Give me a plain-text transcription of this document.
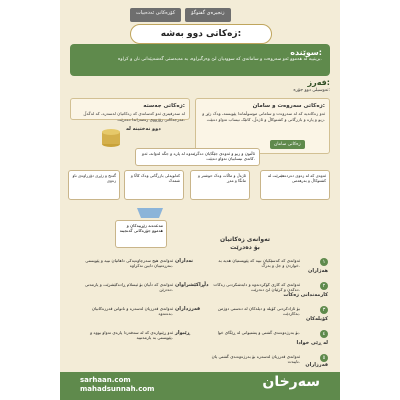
کۆرەکانی ئەدەبیات	زنجیرەی گفتوگۆ
زەکاتی دوو بەشە:
سوێندە:
بریتییە لە هەموو ئەو سەروەت و سامانەی کە سوودیان لێ وەرگیراوە، بە مەبەستی گەشەپێدانی نان و کراوە.
فەرز:
تەوسیلی دوو جۆرە:
زەکاتی جەستە:
لە سەرفیتری ئەو کەسانەی کە زەکاتیان لەسەرە، کە لەگەڵ مەرجەکانی رۆژووی رەمەزاندا دەدرێت.
زەکاتی سەروەت و سامان:
ئەو زەکاتەیە کە لە سەروەت و سامانی موسوڵماندا پێویستە، وەک زێڕ و زیو و پارە و بازرگانی و کشتوکاڵ و ئاژەڵ، کاتێک نیساب تەواو دەبێت.
زەکاتی سامان
دوو نەختینە لە
ئاڵتون و زیو و ئەوەی جێگایان دەگرێتەوە لە پارە و جگە لەوانە، ئەو کاتەی نیسابیان تەواو دەبێت.
ئەوەی کە لە زەوی دەردەهێنرێت لە کشتوکاڵ و بەرهەمی
ئاژەڵ و ماڵات وەک حوشتر و مانگا و مەڕ
کەلوپەلی بازرگانی وەک کاڵا و شمەک
گەنج و زێڕی دۆزراوەی ناو زەوی
مەعدەنە زێڕییەکان و هەموو جۆرەکانی گەنجینە
تەوانەی زەکاتیان
بۆ دەدرێت
١
هەژاران
ئەوانەی کە کەسێکیان نییە کە پێویستیان هەیە بە خواردن و جل و بەرگ.
نەداران
ئەوانەی هیچ سەرچاوەیەکی داهاتیان نییە و پێویستی بنەڕەتییان دابین نەکراوە.
٢
کارمەندانی زەکات
ئەوانەی کە کاری کۆکردنەوە و دابەشکردنی زەکات دەکەن و کرێیان لێ دەدرێت.
دڵڕاکێشراوان
ئەوانەی کە دڵیان بۆ ئیسلام ڕادەکێشرێت و یارمەتی دەدرێن.
٣
کۆیلەکان
بۆ ئازادکردنی کۆیلە و دیلەکان لە دەستی دوژمن بەکاردێت.
قەرزداران
ئەوانەی قەرزیان لەسەرە و ناتوانن قەرزەکانیان بدەنەوە.
٤
لە ڕێی خوادا
بۆ بەرژەوەندی گشتی و پشتیوانی لە ڕێگای خوا.
ڕێبوار
ئەو ڕێبوارەی کە لە سەفەردا پارەی تەواو بووە و پێویستی بە یارمەتییە.
٥
قەرزاران
ئەوانەی قەرزیان لەسەرە بۆ بەرژەوەندی گشتی یان تایبەت.
sarhaan.com
mahadsunnah.com	سەرخان
